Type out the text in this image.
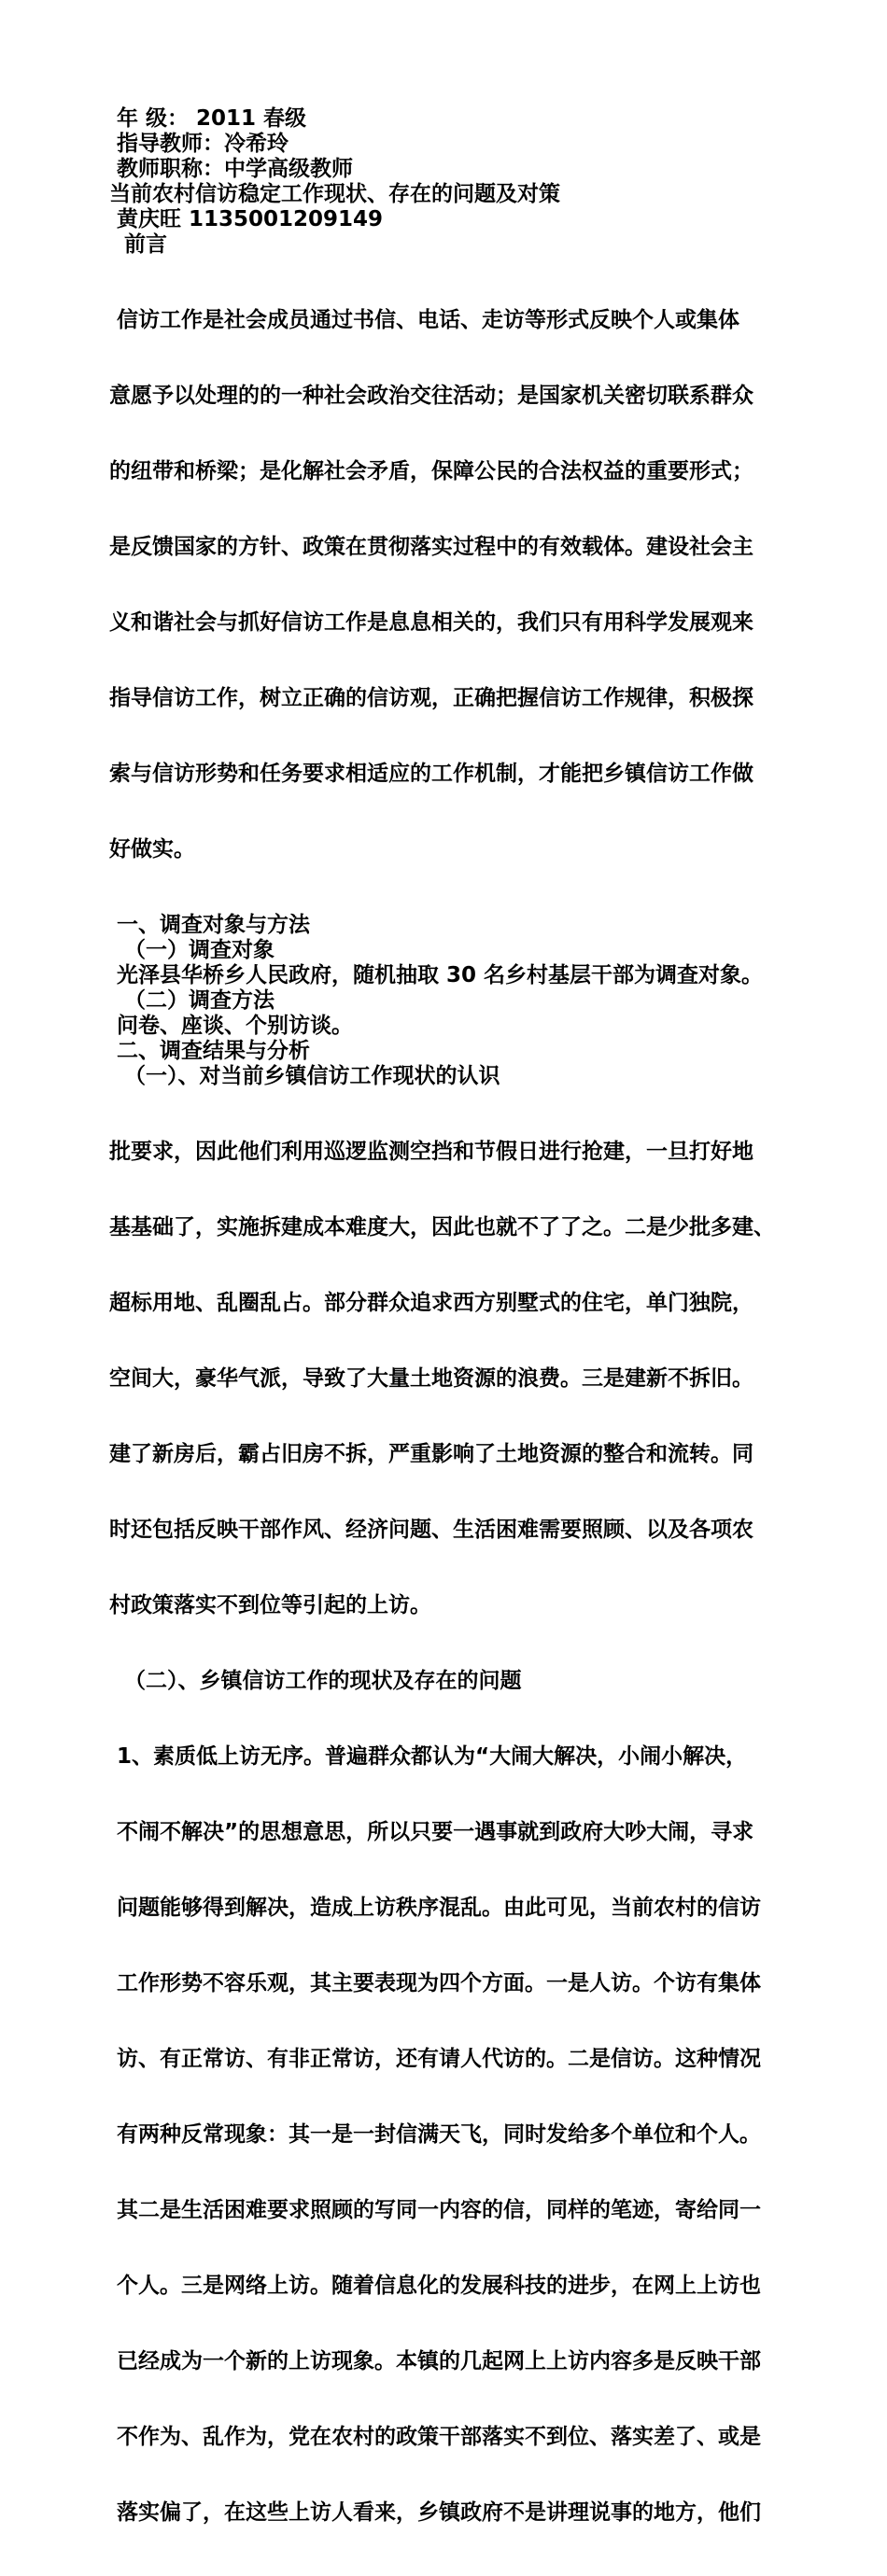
年 级： 2011 春级
指导教师：冷希玲
教师职称：中学高级教师
当前农村信访稳定工作现状、存在的问题及对策
黄庆旺 1135001209149
前言

信访工作是社会成员通过书信、电话、走访等形式反映个人或集体

意愿予以处理的的一种社会政治交往活动；是国家机关密切联系群众

的纽带和桥梁；是化解社会矛盾，保障公民的合法权益的重要形式；

是反馈国家的方针、政策在贯彻落实过程中的有效载体。建设社会主

义和谐社会与抓好信访工作是息息相关的，我们只有用科学发展观来

指导信访工作，树立正确的信访观，正确把握信访工作规律，积极探

索与信访形势和任务要求相适应的工作机制，才能把乡镇信访工作做

好做实。

一、调查对象与方法
（一）调查对象
光泽县华桥乡人民政府，随机抽取 30 名乡村基层干部为调查对象。
（二）调查方法
问卷、座谈、个别访谈。
二、调查结果与分析
（一）、对当前乡镇信访工作现状的认识

批要求，因此他们利用巡逻监测空挡和节假日进行抢建，一旦打好地

基基础了，实施拆建成本难度大，因此也就不了了之。二是少批多建、

超标用地、乱圈乱占。部分群众追求西方别墅式的住宅，单门独院，

空间大，豪华气派，导致了大量土地资源的浪费。三是建新不拆旧。

建了新房后，霸占旧房不拆，严重影响了土地资源的整合和流转。同

时还包括反映干部作风、经济问题、生活困难需要照顾、以及各项农

村政策落实不到位等引起的上访。

（二）、乡镇信访工作的现状及存在的问题

1、素质低上访无序。普遍群众都认为“大闹大解决，小闹小解决，

不闹不解决”的思想意思，所以只要一遇事就到政府大吵大闹，寻求

问题能够得到解决，造成上访秩序混乱。由此可见，当前农村的信访

工作形势不容乐观，其主要表现为四个方面。一是人访。个访有集体

访、有正常访、有非正常访，还有请人代访的。二是信访。这种情况

有两种反常现象：其一是一封信满天飞，同时发给多个单位和个人。

其二是生活困难要求照顾的写同一内容的信，同样的笔迹，寄给同一

个人。三是网络上访。随着信息化的发展科技的进步，在网上上访也

已经成为一个新的上访现象。本镇的几起网上上访内容多是反映干部

不作为、乱作为，党在农村的政策干部落实不到位、落实差了、或是

落实偏了，在这些上访人看来，乡镇政府不是讲理说事的地方，他们
